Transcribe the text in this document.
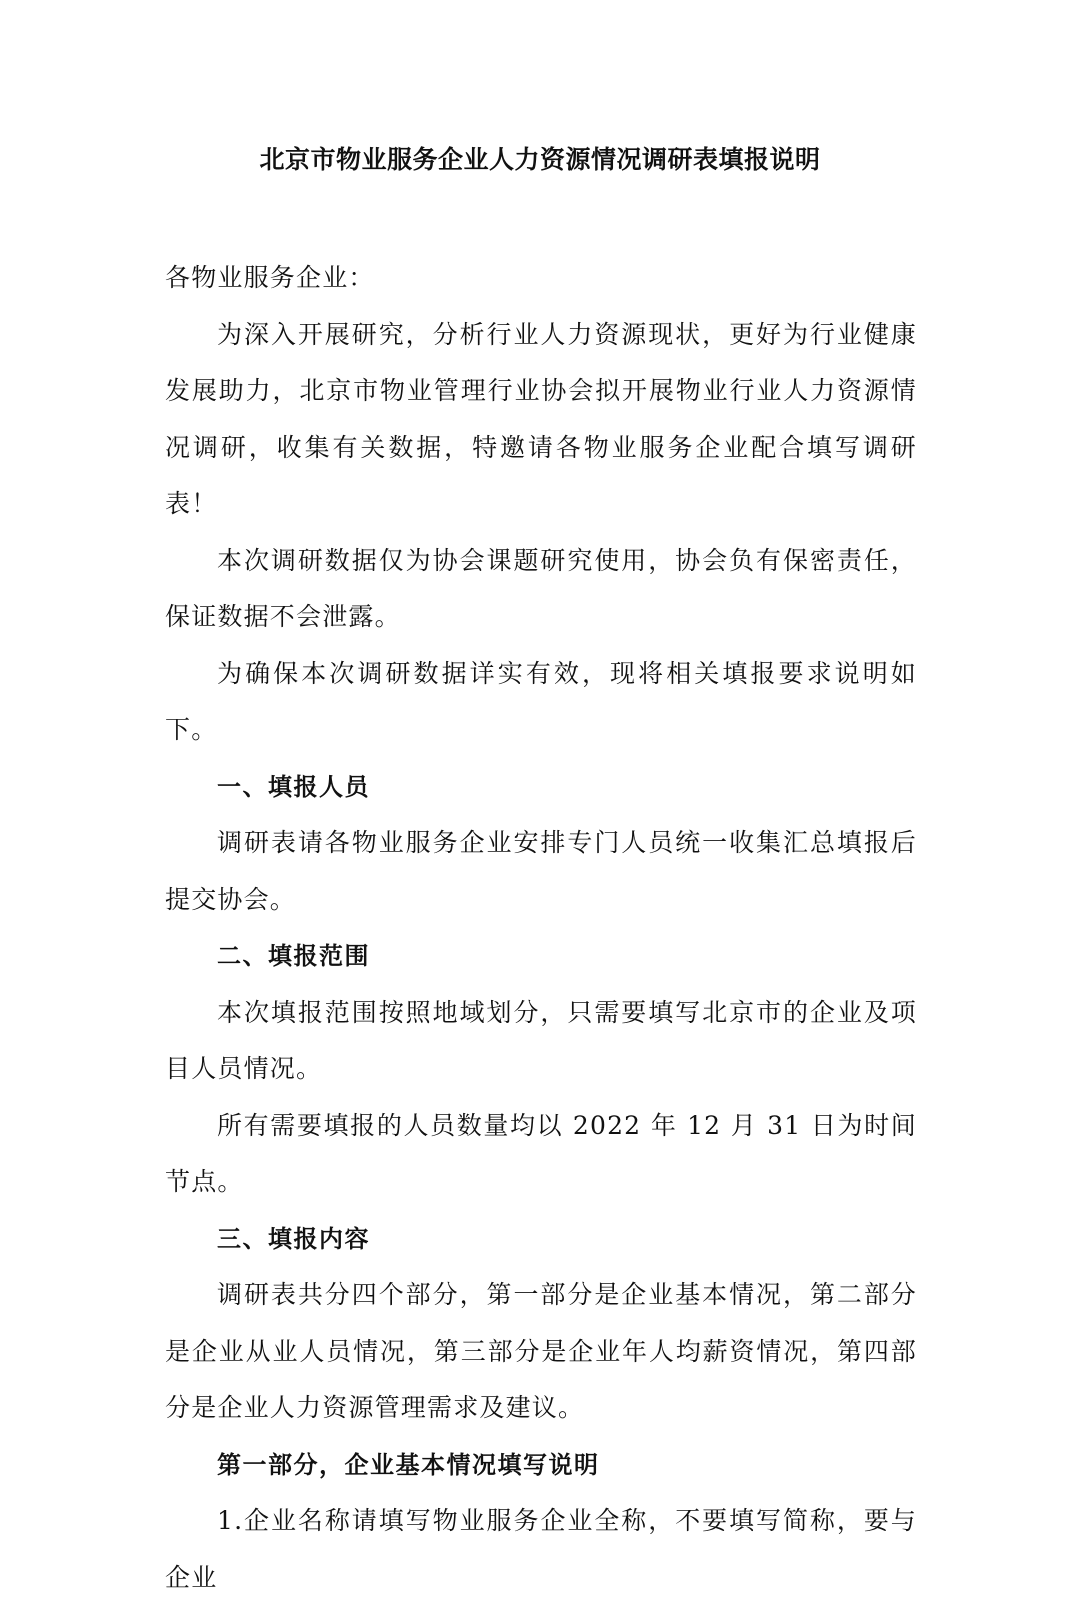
北京市物业服务企业人力资源情况调研表填报说明

各物业服务企业：

为深入开展研究，分析行业人力资源现状，更好为行业健康发展助力，北京市物业管理行业协会拟开展物业行业人力资源情况调研，收集有关数据，特邀请各物业服务企业配合填写调研表！

本次调研数据仅为协会课题研究使用，协会负有保密责任，保证数据不会泄露。

为确保本次调研数据详实有效，现将相关填报要求说明如下。

一、填报人员

调研表请各物业服务企业安排专门人员统一收集汇总填报后提交协会。

二、填报范围

本次填报范围按照地域划分，只需要填写北京市的企业及项目人员情况。

所有需要填报的人员数量均以 2022 年 12 月 31 日为时间节点。

三、填报内容

调研表共分四个部分，第一部分是企业基本情况，第二部分是企业从业人员情况，第三部分是企业年人均薪资情况，第四部分是企业人力资源管理需求及建议。

第一部分，企业基本情况填写说明

1.企业名称请填写物业服务企业全称，不要填写简称，要与企业
